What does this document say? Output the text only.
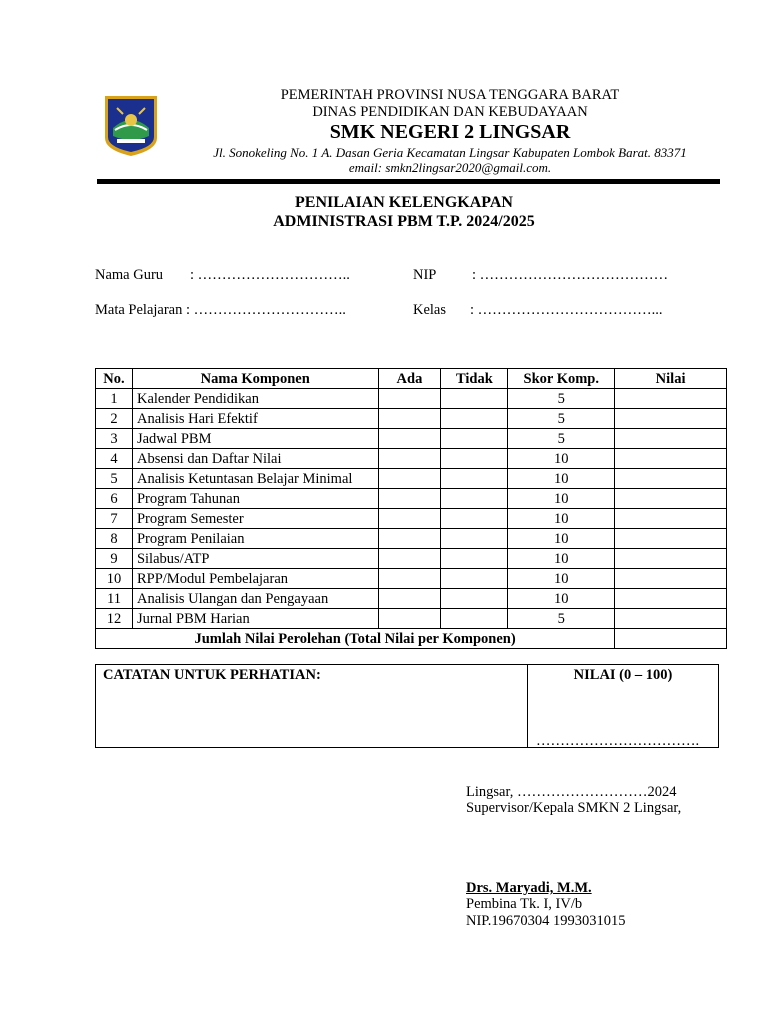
PEMERINTAH PROVINSI NUSA TENGGARA BARAT
DINAS PENDIDIKAN DAN KEBUDAYAAN
SMK NEGERI 2 LINGSAR
Jl. Sonokeling No. 1 A. Dasan Geria Kecamatan Lingsar Kabupaten Lombok Barat. 83371
email: smkn2lingsar2020@gmail.com.
PENILAIAN KELENGKAPAN
ADMINISTRASI PBM T.P. 2024/2025
Nama Guru : …………………………..	NIP : …………………………………
Mata Pelajaran : …………………………..	Kelas : ………………………………...
No.	Nama Komponen	Ada	Tidak	Skor Komp.	Nilai
1	Kalender Pendidikan			5	
2	Analisis Hari Efektif			5	
3	Jadwal PBM			5	
4	Absensi dan Daftar Nilai			10	
5	Analisis Ketuntasan Belajar Minimal			10	
6	Program Tahunan			10	
7	Program Semester			10	
8	Program Penilaian			10	
9	Silabus/ATP			10	
10	RPP/Modul Pembelajaran			10	
11	Analisis Ulangan dan Pengayaan			10	
12	Jurnal PBM Harian			5	
Jumlah Nilai Perolehan (Total Nilai per Komponen)					
CATATAN UNTUK PERHATIAN:	NILAI (0 – 100)
…………………………….
Lingsar, ………………………2024
Supervisor/Kepala SMKN 2 Lingsar,
Drs. Maryadi, M.M.
Pembina Tk. I, IV/b
NIP.19670304 1993031015
